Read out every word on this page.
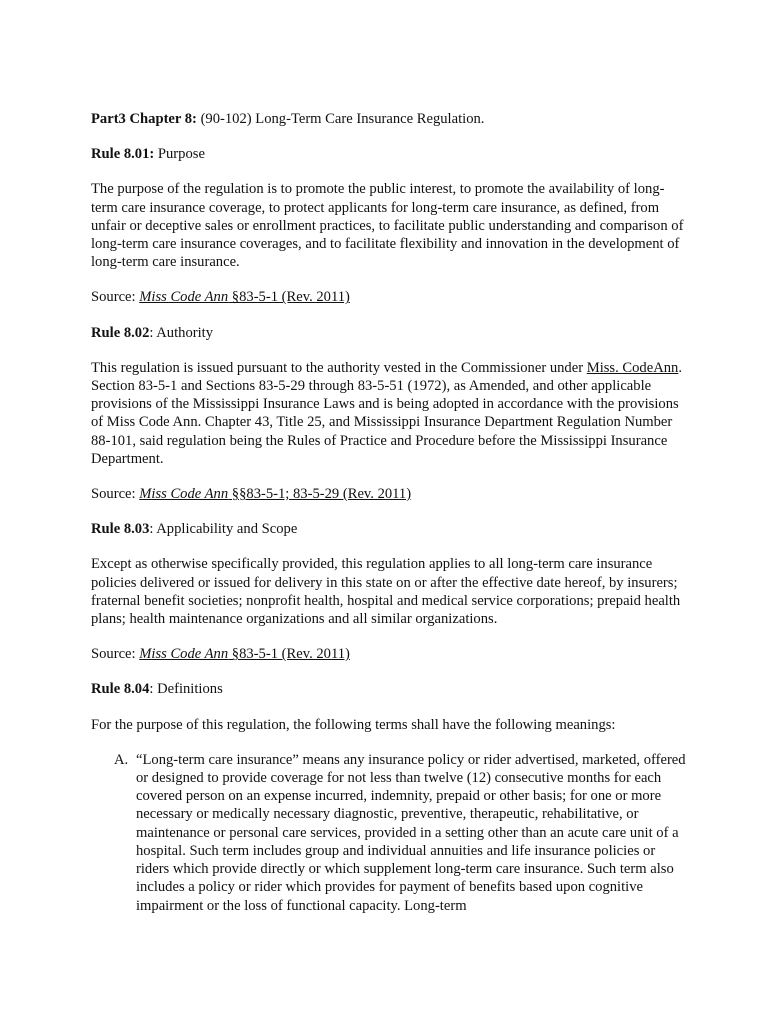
Part3 Chapter 8: (90-102) Long-Term Care Insurance Regulation.

Rule 8.01: Purpose

The purpose of the regulation is to promote the public interest, to promote the availability of long-term care insurance coverage, to protect applicants for long-term care insurance, as defined, from unfair or deceptive sales or enrollment practices, to facilitate public understanding and comparison of long-term care insurance coverages, and to facilitate flexibility and innovation in the development of long-term care insurance.

Source: Miss Code Ann §83-5-1 (Rev. 2011)

Rule 8.02: Authority

This regulation is issued pursuant to the authority vested in the Commissioner under Miss. CodeAnn. Section 83-5-1 and Sections 83-5-29 through 83-5-51 (1972), as Amended, and other applicable provisions of the Mississippi Insurance Laws and is being adopted in accordance with the provisions of Miss Code Ann. Chapter 43, Title 25, and Mississippi Insurance Department Regulation Number 88-101, said regulation being the Rules of Practice and Procedure before the Mississippi Insurance Department.

Source: Miss Code Ann §§83-5-1; 83-5-29 (Rev. 2011)

Rule 8.03: Applicability and Scope

Except as otherwise specifically provided, this regulation applies to all long-term care insurance policies delivered or issued for delivery in this state on or after the effective date hereof, by insurers; fraternal benefit societies; nonprofit health, hospital and medical service corporations; prepaid health plans; health maintenance organizations and all similar organizations.

Source: Miss Code Ann §83-5-1 (Rev. 2011)

Rule 8.04: Definitions

For the purpose of this regulation, the following terms shall have the following meanings:

A. “Long-term care insurance” means any insurance policy or rider advertised, marketed, offered or designed to provide coverage for not less than twelve (12) consecutive months for each covered person on an expense incurred, indemnity, prepaid or other basis; for one or more necessary or medically necessary diagnostic, preventive, therapeutic, rehabilitative, or maintenance or personal care services, provided in a setting other than an acute care unit of a hospital. Such term includes group and individual annuities and life insurance policies or riders which provide directly or which supplement long-term care insurance. Such term also includes a policy or rider which provides for payment of benefits based upon cognitive impairment or the loss of functional capacity. Long-term
